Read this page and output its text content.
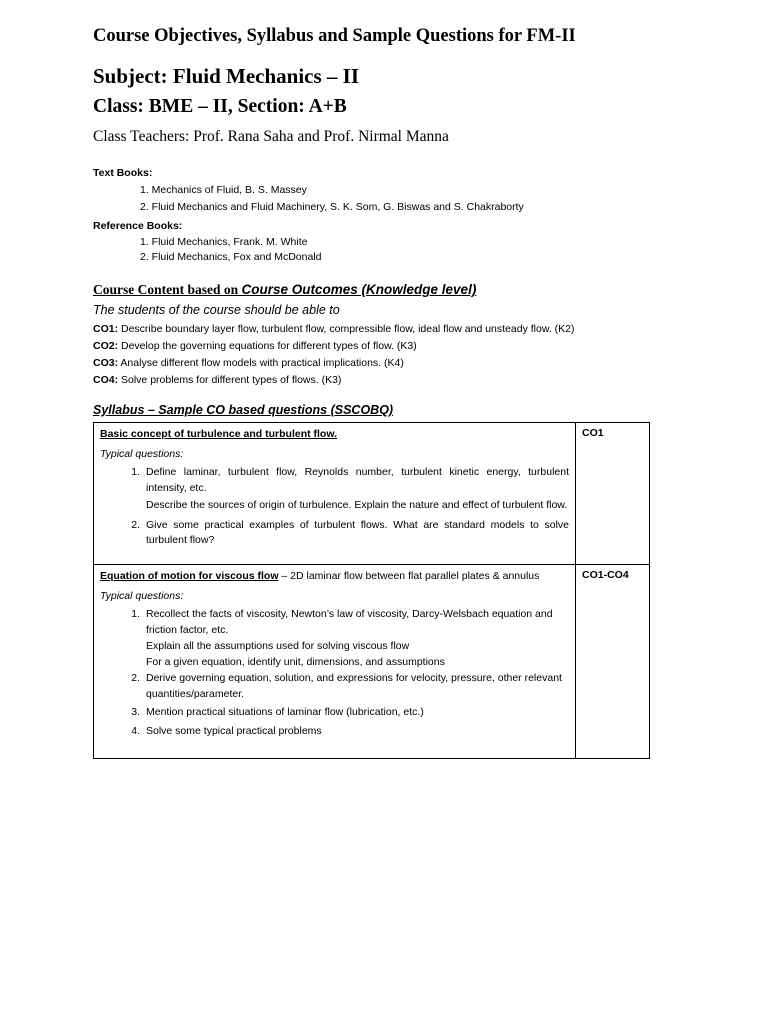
Course Objectives, Syllabus and Sample Questions for FM-II
Subject: Fluid Mechanics – II
Class: BME – II, Section: A+B
Class Teachers: Prof. Rana Saha and Prof. Nirmal Manna
Text Books:
1. Mechanics of Fluid, B. S. Massey
2. Fluid Mechanics and Fluid Machinery, S. K. Som, G. Biswas and S. Chakraborty
Reference Books:
1. Fluid Mechanics, Frank. M. White
2. Fluid Mechanics, Fox and McDonald
Course Content based on Course Outcomes (Knowledge level)
The students of the course should be able to
CO1: Describe boundary layer flow, turbulent flow, compressible flow, ideal flow and unsteady flow. (K2)
CO2: Develop the governing equations for different types of flow. (K3)
CO3: Analyse different flow models with practical implications. (K4)
CO4: Solve problems for different types of flows. (K3)
Syllabus – Sample CO based questions (SSCOBQ)
Basic concept of turbulence and turbulent flow.
Typical questions:
1. Define laminar, turbulent flow, Reynolds number, turbulent kinetic energy, turbulent intensity, etc.
Describe the sources of origin of turbulence. Explain the nature and effect of turbulent flow.
2. Give some practical examples of turbulent flows. What are standard models to solve turbulent flow?
CO1
Equation of motion for viscous flow – 2D laminar flow between flat parallel plates & annulus
Typical questions:
1. Recollect the facts of viscosity, Newton’s law of viscosity, Darcy-Welsbach equation and friction factor, etc.
Explain all the assumptions used for solving viscous flow
For a given equation, identify unit, dimensions, and assumptions
2. Derive governing equation, solution, and expressions for velocity, pressure, other relevant quantities/parameter.
3. Mention practical situations of laminar flow (lubrication, etc.)
4. Solve some typical practical problems
CO1-CO4
